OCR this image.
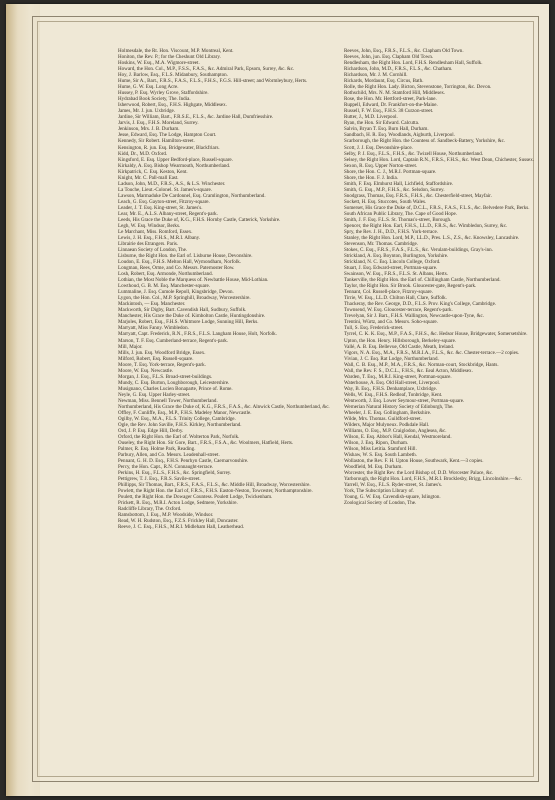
Holmesdale, the Rt. Hon. Viscount, M.P. Montreal, Kent.

Honiton, the Rev. P.; for the Cheshunt Old Library.

Hoskins, W. Esq., M.A. Wigmore-street.

Howard, the Hon. Col., M.P., F.S.S., F.A.S., &c. Admiral Park, Epsom, Surrey, &c. &c.

Hoy, J. Barlow, Esq., F.L.S. Midanbury, Southampton.

Hume, Sir A., Bart., F.R.S., F.A.S., F.L.S., F.H.S., F.G.S. Hill-street; and Wormleybury, Herts.

Hume, G. W. Esq. Long Acre.

Hussey, P. Esq. Wyrley Grove, Staffordshire.

Hydrabad Book Society, The. India.

Isherwood, Robert, Esq., F.H.S. Highgate, Middlesex.

James, Mr. J. jun. Uxbridge.

Jardine, Sir William, Bart., F.R.S.E., F.L.S., &c. Jardine Hall, Dumfriesshire.

Jarvis, J. Esq., F.H.S. Moreland, Surrey.

Jenkinson, Mrs. J. B. Durham.

Jesse, Edward, Esq. The Lodge, Hampton Court.

Kennedy, Sir Robert. Hamilton-street.

Kensington, R. jun. Esq. Bridgewater, Blackfriars.

Kidd, Dr., M.D. Oxford.

Kingsford, E. Esq. Upper Bedford-place, Russell-square.

Kirkaldy, A. Esq. Bishop Wearmouth, Northumberland.

Kirkpatrick, C. Esq. Keston, Kent.

Knight, Mr. C. Pall-mall East.

Ladson, John, M.D., F.R.S., A.S., & L.S. Winchester.

La Touche, Lieut.-Colonel. St. James's-square.

Lawson, Marmaduke De Cardonnel, Esq. Cramlington, Northumberland.

Leach, G. Esq. Gayton-street, Fitzroy-square.

Leader, J. T. Esq. King-street, St. James's.

Lear, Mr. E., A.L.S. Albany-street, Regent's-park.

Leeds, His Grace the Duke of, K.G., F.H.S. Hornby Castle, Catterick, Yorkshire.

Legh, W. Esq. Windsor, Berks.

Le Marchant, Miss. Romford, Essex.

Lewis, J. H. Esq., F.H.S., M.R.I. Albany.

Librairie des Etrangers. Paris.

Linnaean Society of London, The.

Lisburne, the Right Hon. the Earl of. Lisburne House, Devonshire.

Loudon, E. Esq., F.H.S. Melton Hall, Wymondham, Norfolk.

Longman, Rees, Orme, and Co. Messrs. Paternoster Row.

Losh, Robert, Esq. Armonde, Northumberland.

Lothian, the Most Noble the Marquess of. Newbattle House, Mid-Lothian.

Lowthoud, G. B. M. Esq. Manchester-square.

Lummaline, J. Esq. Cumole Repoll, Kingsbridge, Devon.

Lygon, the Hon. Col., M.P. Springhill, Broadway, Worcestershire.

Mackintosh, — Esq. Manchester.

Mackworth, Sir Digby, Bart. Cavendish Hall, Sudbury, Suffolk.

Manchester, His Grace the Duke of. Kimbolton Castle, Huntingdonshire.

Marjoles, Robert, Esq., F.H.S. Whitmore Lodge, Sunning Hill, Berks.

Marryatt, Miss Fanny. Wimbledon.

Marryatt, Capt. Frederick, R.N., F.R.S., F.L.S. Langham House, Holt, Norfolk.

Marson, T. F. Esq. Cumberland-terrace, Regent's-park.

Mill, Major.

Mills, J. jun. Esq. Woodford Bridge, Essex.

Milford, Robert, Esq. Russell-square.

Moore, T. Esq. York-terrace, Regent's-park.

Moore, W. Esq. Newcastle.

Morgan, J. Esq., F.L.S. Broad-street-buildings.

Mundy, C. Esq. Burton, Loughborough, Leicestershire.

Musignano, Charles Lucien Bonaparte, Prince of. Rome.

Neyle, G. Esq. Upper Harley-street.

Newman, Miss. Bennell Tower, Northumberland.

Northumberland, His Grace the Duke of, K.G., F.R.S., F.A.S., &c. Alnwick Castle, Northumberland, &c.

Offley, F. Cunliffe, Esq., M.P., F.H.S. Madeley Manor, Newcastle.

Ogilby, W. Esq., M.A., F.L.S. Trinity College, Cambridge.

Ogle, the Rev. John Saville, F.H.S. Kirkley, Northumberland.

Ord, J. P. Esq. Edge Hill, Derby.

Orford, the Right Hon. the Earl of. Wolterton Park, Norfolk.

Ouseley, the Right Hon. Sir Gore, Bart., F.R.S., F.S.A., &c. Woolmers, Hatfield, Herts.

Palmer, R. Esq. Holme Park, Reading.

Parbury, Allen, and Co. Messrs. Leadenhall-street.

Pennant, G. H. D. Esq., F.H.S. Penrhyn Castle, Caernarvonshire.

Percy, the Hon. Capt., R.N. Connaught-terrace.

Perkins, H. Esq., F.L.S., F.H.S., &c. Springfield, Surrey.

Pettigrew, T. J. Esq., F.R.S. Savile-street.

Phillipps, Sir Thomas, Bart., F.R.S., F.A.S., F.L.S., &c. Middle Hill, Broadway, Worcestershire.

Powlett, the Right Hon. the Earl of, F.R.S., F.H.S. Easton-Neston, Towcester, Northamptonshire.

Poulett, the Right Hon. the Dowager Countess. Poulett Lodge, Twickenham.

Prickett, R. Esq., M.R.I. Acton Lodge, Sedmere, Yorkshire.

Radcliffe Library, The. Oxford.

Ramsbottom, J. Esq., M.P. Woodside, Windsor.

Read, W. H. Rudston, Esq., F.Z.S. Frickley Hall, Doncaster.

Reeve, J. C. Esq., F.H.S., M.R.I. Midleham Hall, Leatherhead.

Reeves, John, Esq., F.R.S., F.L.S., &c. Clapham Old Town.

Reeves, John, jun. Esq. Clapham Old Town.

Rendlesham, the Right Hon. Lord, F.H.S. Rendlesham Hall, Suffolk.

Richardson, John, M.D., F.R.S., F.L.S., &c. Chatham.

Richardson, Mr. J. M. Cornhill.

Rickards, Mordaunt, Esq. Circus, Bath.

Rolle, the Right Hon. Lady. Bicton, Stevenstone, Torrington, &c. Devon.

Rothschild, Mrs. N. M. Stamford Hill, Middlesex.

Rose, the Hon. Mr. Hertford-street, Park-lane.

Ruppell, Edward, Dr. Frankfort-on-the-Maine.

Russell, F. W. Esq., F.H.S. 38 Curzon-street.

Rutter, J., M.D. Liverpool.

Ryan, the Hon. Sir Edward. Calcutta.

Salvin, Bryan T. Esq. Burn Hall, Durham.

Sandbach, H. R. Esq. Woodlands, Aigburth, Liverpool.

Scarborough, the Right Hon. the Countess of. Sandbeck-Battery, Yorkshire, &c.

Scott, J. J. Esq. Devonshire-place.

Selby, P. J. Esq., F.L.S., F.H.S., &c. Twizell House, Northumberland.

Selsey, the Right Hon. Lord, Captain R.N., F.R.S., F.H.S., &c. West Dean, Chichester, Sussex.

Sexon, R. Esq. Upper Norton-street.

Shore, the Hon. C. J., M.R.I. Portman-square.

Shore, the Hon. F. J. India.

Smith, F. Esq. Elmhurst Hall, Lichfield, Staffordshire.

Smith, G. Esq., M.P., F.H.S., &c. Selsdon, Surrey.

Snodgrass, Thomas, Esq. F.R.S., F.H.S., &c. Chesterfield-street, Mayfair.

Sockett, H. Esq. Stuccotes, South Wales.

Somerset, His Grace the Duke of, D.C.L., F.R.S., F.A.S., F.L.S., &c. Belvedere Park, Berks.

South African Public Library, The. Cape of Good Hope.

Smith, J. F. Esq. F.L.S. St. Thomas's-street, Borough.

Spencer, the Right Hon. Earl, F.H.S., LL.D., F.R.S., &c. Wimbledon, Surrey, &c.

Spry, the Rev. J. H., D.D., F.H.S. York-terrace.

Stanley, the Right Hon. Lord, M.P., LL.D., Pres. L.S., Z.S., &c. Knowsley, Lancashire.

Stevenson, Mr. Thomas. Cambridge.

Stokes, C. Esq., F.R.S., F.A.S., F.L.S., &c. Verulam-buildings, Gray's-inn.

Strickland, A. Esq. Boynton, Burlington, Yorkshire.

Strickland, N. C. Esq. Lincoln College, Oxford.

Stuart, J. Esq. Edward-street, Portman-square.

Swainson, W. Esq., F.R.S., F.L.S. St. Albans, Herts.

Tankerville, the Right Hon. the Earl of. Chillingham Castle, Northumberland.

Taylor, the Right Hon. Sir Brook. Gloucester-gate, Regent's-park.

Tennant, Col. Russell-place, Fitzroy-square.

Tirrie, W. Esq., LL.D. Chilton Hall, Clare, Suffolk.

Thackeray, the Rev. George, D.D., F.L.S. Prov. King's College, Cambridge.

Townsend, W. Esq. Gloucester-terrace, Regent's-park.

Trevelyan, Sir J. Bart., F.H.S. Wallington, Newcastle-upon-Tyne, &c.

Trentini, Würtz, and Co. Messrs. Soho-square.

Tull, S. Esq. Frederick-street.

Tyrrel, C. K. K. Esq., M.P., F.A.S., F.H.S., &c. Hedsor House, Bridgewater, Somersetshire.

Upton, the Hon. Henry. Hillsborough, Berkeley-square.

Vallé, A. B. Esq. Bellevue, Old Castle, Meath, Ireland.

Vigors, N. A. Esq., M.A., F.R.S., M.R.I.A., F.L.S., &c. &c. Chester-terrace.—2 copies.

Vivian, J. C. Esq. Rat Lodge, Northumberland.

Wall, C. B. Esq., M.P., M.A., F.R.S., &c. Norman-court, Stockbridge, Hants.

Wall, the Rev. F. S., D.C.L., F.H.S., &c. Eeal Acton, Middlesex.

Warden, T. Esq., M.R.I. King-street, Portman-square.

Waterhouse, A. Esq. Old Hall-street, Liverpool.

Way, B. Esq., F.H.S. Denhamplace, Uxbridge.

Wells, W. Esq., F.H.S. Redleaf, Tonbridge, Kent.

Wentworth, J. Esq. Lower Seymour-street, Portman-square.

Wernerian Natural History Society of Edinburgh, The.

Wheeler, J. E. Esq. Gollingham, Berkshire.

Wilde, Mrs. Thomas. Guildford-street.

Wilders, Major Mulyneux. Podkdale Hall.

Williams, O. Esq., M.P. Craiglodon, Anglesea, &c.

Wilson, E. Esq. Abbot's Hall, Kendal, Westmoreland.

Wilson, J. Esq. Ripon, Durham.

Wilson, Miss Letitia. Stamford Hill.

Wishaw, W. S. Esq. South Lambeth.

Wollaston, the Rev. F. H. Upton House, Southwark, Kent.—3 copies.

Woodfield, M. Esq. Durham.

Worcester, the Right Rev. the Lord Bishop of, D.D. Worcester Palace, &c.

Yarborough, the Right Hon. Lord, F.H.S., M.R.I. Brocklesby, Brigg, Lincolnshire.—&c.

Yarrell, W. Esq., F.L.S. Ryder-street, St. James's.

York, The Subscription Library of.

Young, G. W. Esq. Cavendish-square, Islington.

Zoological Society of London, The.
